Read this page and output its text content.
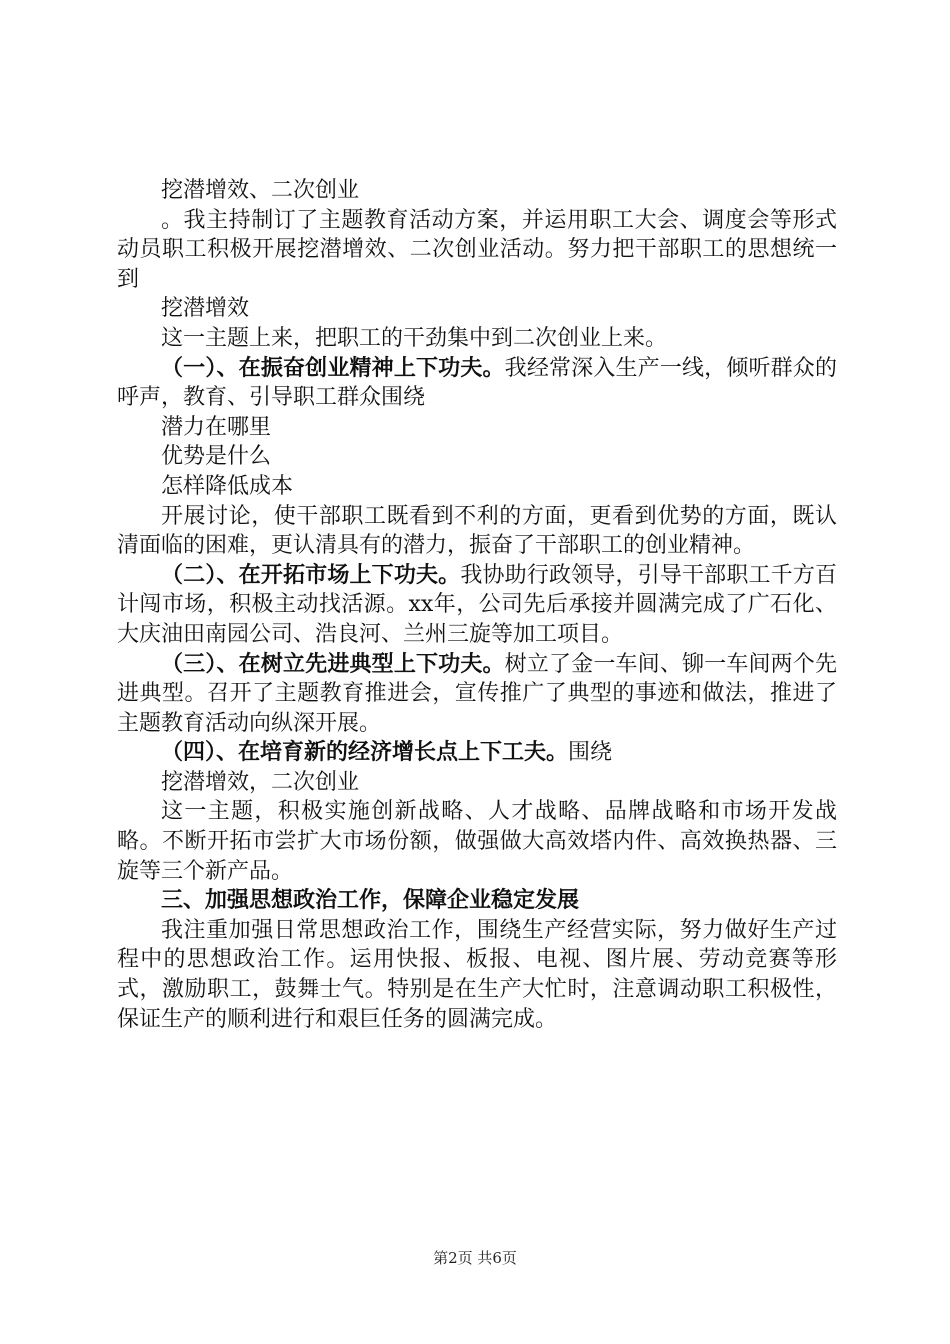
挖潜增效、二次创业

。我主持制订了主题教育活动方案，并运用职工大会、调度会等形式动员职工积极开展挖潜增效、二次创业活动。努力把干部职工的思想统一到

挖潜增效

这一主题上来，把职工的干劲集中到二次创业上来。

（一）、在振奋创业精神上下功夫。我经常深入生产一线，倾听群众的呼声，教育、引导职工群众围绕

潜力在哪里

优势是什么

怎样降低成本

开展讨论，使干部职工既看到不利的方面，更看到优势的方面，既认清面临的困难，更认清具有的潜力，振奋了干部职工的创业精神。

（二）、在开拓市场上下功夫。我协助行政领导，引导干部职工千方百计闯市场，积极主动找活源。xx年，公司先后承接并圆满完成了广石化、大庆油田南园公司、浩良河、兰州三旋等加工项目。

（三）、在树立先进典型上下功夫。树立了金一车间、铆一车间两个先进典型。召开了主题教育推进会，宣传推广了典型的事迹和做法，推进了主题教育活动向纵深开展。

（四）、在培育新的经济增长点上下工夫。围绕

挖潜增效，二次创业

这一主题，积极实施创新战略、人才战略、品牌战略和市场开发战略。不断开拓市尝扩大市场份额，做强做大高效塔内件、高效换热器、三旋等三个新产品。

三、加强思想政治工作，保障企业稳定发展

我注重加强日常思想政治工作，围绕生产经营实际，努力做好生产过程中的思想政治工作。运用快报、板报、电视、图片展、劳动竞赛等形式，激励职工，鼓舞士气。特别是在生产大忙时，注意调动职工积极性，保证生产的顺利进行和艰巨任务的圆满完成。

第2页 共6页
